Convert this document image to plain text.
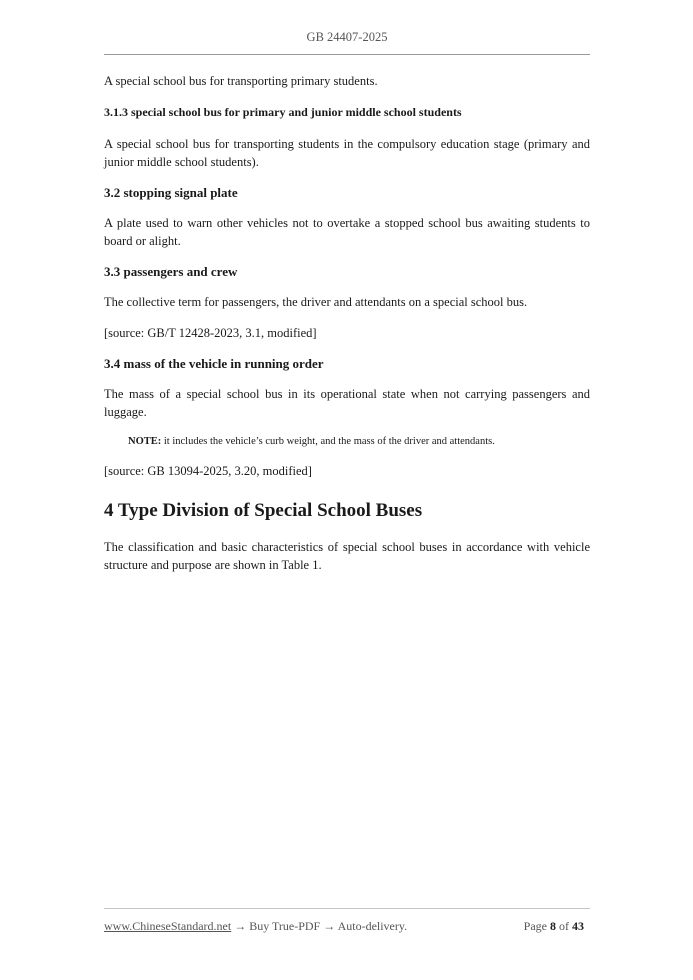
GB 24407-2025

A special school bus for transporting primary students.

3.1.3 special school bus for primary and junior middle school students

A special school bus for transporting students in the compulsory education stage (primary and junior middle school students).

3.2 stopping signal plate

A plate used to warn other vehicles not to overtake a stopped school bus awaiting students to board or alight.

3.3 passengers and crew

The collective term for passengers, the driver and attendants on a special school bus.

[source: GB/T 12428-2023, 3.1, modified]

3.4 mass of the vehicle in running order

The mass of a special school bus in its operational state when not carrying passengers and luggage.

NOTE: it includes the vehicle’s curb weight, and the mass of the driver and attendants.

[source: GB 13094-2025, 3.20, modified]

4 Type Division of Special School Buses

The classification and basic characteristics of special school buses in accordance with vehicle structure and purpose are shown in Table 1.

www.ChineseStandard.net → Buy True-PDF → Auto-delivery.	Page 8 of 43
